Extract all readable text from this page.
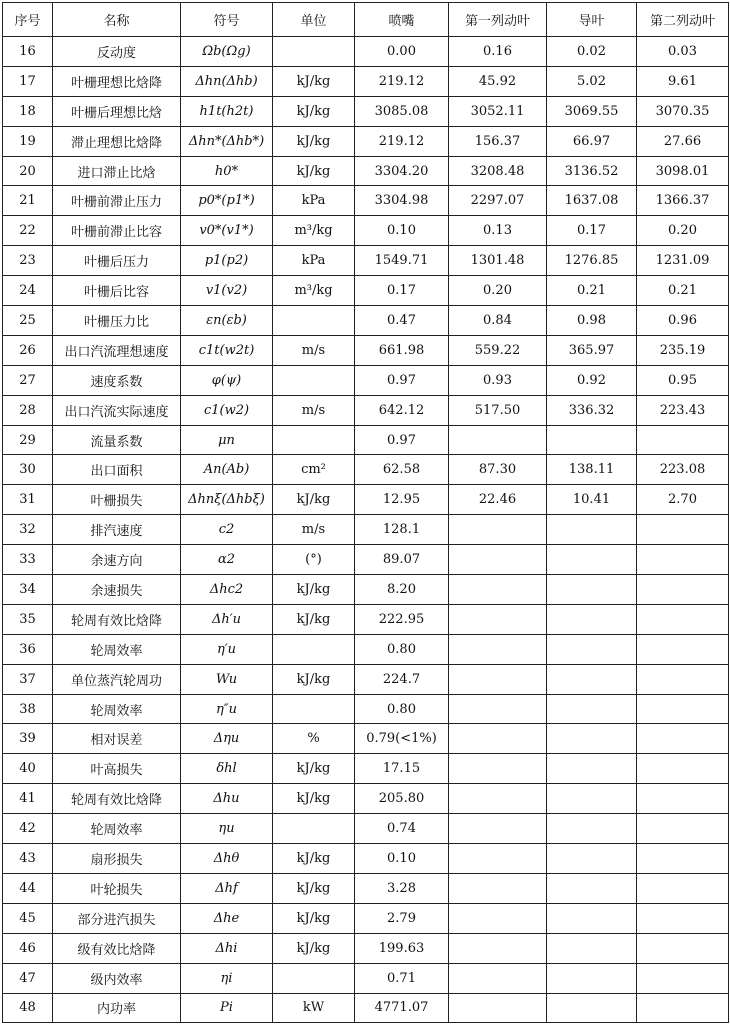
序号	名称	符号	单位	喷嘴	第一列动叶	导叶	第二列动叶
16	反动度	Ωb(Ωg)		0.00	0.16	0.02	0.03
17	叶栅理想比焓降	Δhn(Δhb)	kJ/kg	219.12	45.92	5.02	9.61
18	叶栅后理想比焓	h1t(h2t)	kJ/kg	3085.08	3052.11	3069.55	3070.35
19	滞止理想比焓降	Δhn*(Δhb*)	kJ/kg	219.12	156.37	66.97	27.66
20	进口滞止比焓	h0*	kJ/kg	3304.20	3208.48	3136.52	3098.01
21	叶栅前滞止压力	p0*(p1*)	kPa	3304.98	2297.07	1637.08	1366.37
22	叶栅前滞止比容	v0*(v1*)	m³/kg	0.10	0.13	0.17	0.20
23	叶栅后压力	p1(p2)	kPa	1549.71	1301.48	1276.85	1231.09
24	叶栅后比容	v1(v2)	m³/kg	0.17	0.20	0.21	0.21
25	叶栅压力比	εn(εb)		0.47	0.84	0.98	0.96
26	出口汽流理想速度	c1t(w2t)	m/s	661.98	559.22	365.97	235.19
27	速度系数	φ(ψ)		0.97	0.93	0.92	0.95
28	出口汽流实际速度	c1(w2)	m/s	642.12	517.50	336.32	223.43
29	流量系数	μn		0.97			
30	出口面积	An(Ab)	cm²	62.58	87.30	138.11	223.08
31	叶栅损失	Δhnξ(Δhbξ)	kJ/kg	12.95	22.46	10.41	2.70
32	排汽速度	c2	m/s	128.1			
33	余速方向	α2	(°)	89.07			
34	余速损失	Δhc2	kJ/kg	8.20			
35	轮周有效比焓降	Δh′u	kJ/kg	222.95			
36	轮周效率	η′u		0.80			
37	单位蒸汽轮周功	Wu	kJ/kg	224.7			
38	轮周效率	η″u		0.80			
39	相对误差	Δηu	%	0.79(<1%)			
40	叶高损失	δhl	kJ/kg	17.15			
41	轮周有效比焓降	Δhu	kJ/kg	205.80			
42	轮周效率	ηu		0.74			
43	扇形损失	Δhθ	kJ/kg	0.10			
44	叶轮损失	Δhf	kJ/kg	3.28			
45	部分进汽损失	Δhe	kJ/kg	2.79			
46	级有效比焓降	Δhi	kJ/kg	199.63			
47	级内效率	ηi		0.71			
48	内功率	Pi	kW	4771.07			
